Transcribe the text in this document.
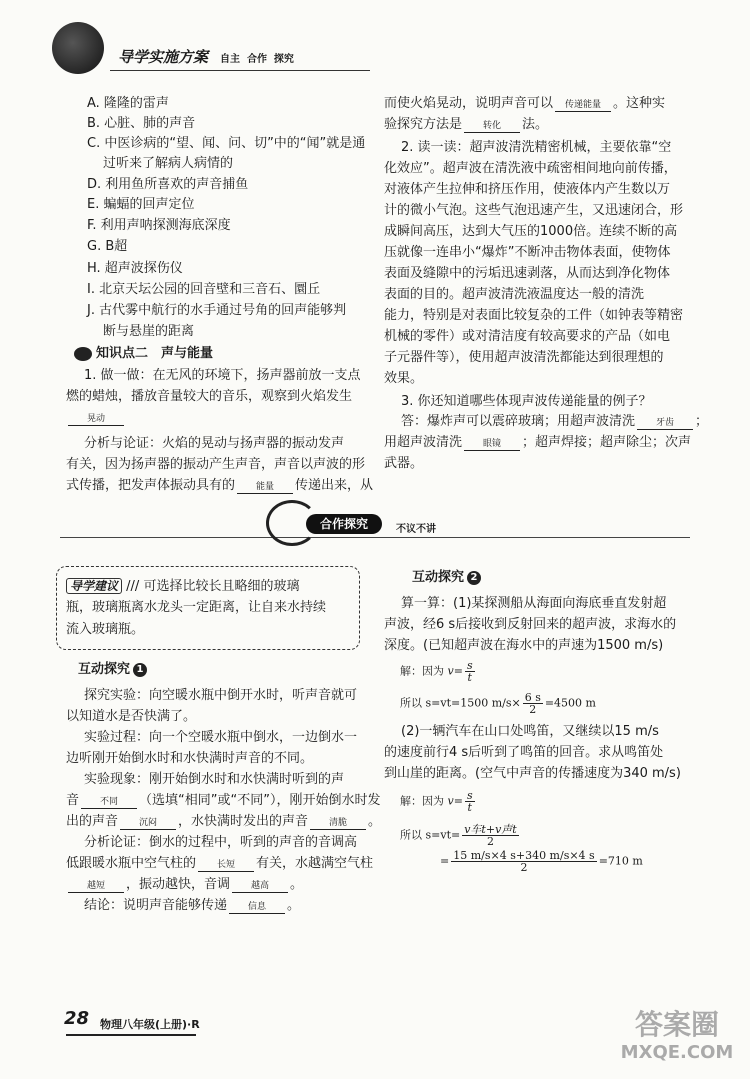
导学实施方案 自主  合作  探究
A. 隆隆的雷声
B. 心脏、肺的声音
C. 中医诊病的“望、闻、问、切”中的“闻”就是通
过听来了解病人病情的
D. 利用鱼所喜欢的声音捕鱼
E. 蝙蝠的回声定位
F. 利用声呐探测海底深度
G. B超
H. 超声波探伤仪
I. 北京天坛公园的回音壁和三音石、圜丘
J. 古代雾中航行的水手通过号角的回声能够判
断与悬崖的距离
知识点二　声与能量
1. 做一做：在无风的环境下，扬声器前放一支点
燃的蜡烛，播放音量较大的音乐，观察到火焰发生
晃动
分析与论证：火焰的晃动与扬声器的振动发声
有关，因为扬声器的振动产生声音，声音以声波的形
式传播，把发声体振动具有的 能量 传递出来，从
而使火焰晃动，说明声音可以 传递能量 。这种实
验探究方法是 转化 法。
2. 读一读：超声波清洗精密机械，主要依靠“空
化效应”。超声波在清洗液中疏密相间地向前传播，
对液体产生拉伸和挤压作用，使液体内产生数以万
计的微小气泡。这些气泡迅速产生，又迅速闭合，形
成瞬间高压，达到大气压的1000倍。连续不断的高
压就像一连串小“爆炸”不断冲击物体表面，使物体
表面及缝隙中的污垢迅速剥落，从而达到净化物体
表面的目的。超声波清洗液温度达一般的清洗
能力，特别是对表面比较复杂的工件（如钟表等精密
机械的零件）或对清洁度有较高要求的产品（如电
子元器件等），使用超声波清洗都能达到很理想的
效果。
3. 你还知道哪些体现声波传递能量的例子？
答：爆炸声可以震碎玻璃；用超声波清洗 牙齿 ；
用超声波清洗 眼镜 ；超声焊接；超声除尘；次声
武器。
合作探究	不议不讲
导学建议 /// 可选择比较长且略细的玻璃
瓶，玻璃瓶离水龙头一定距离，让自来水持续
流入玻璃瓶。
互动探究 1
探究实验：向空暖水瓶中倒开水时，听声音就可
以知道水是否快满了。
实验过程：向一个空暖水瓶中倒水，一边倒水一
边听刚开始倒水时和水快满时声音的不同。
实验现象：刚开始倒水时和水快满时听到的声
音 不同 （选填“相同”或“不同”），刚开始倒水时发
出的声音 沉闷 ，水快满时发出的声音 清脆 。
分析论证：倒水的过程中，听到的声音的音调高
低跟暖水瓶中空气柱的 长短 有关，水越满空气柱
越短 ，振动越快，音调 越高 。
结论：说明声音能够传递 信息 。
互动探究 2
算一算：(1)某探测船从海面向海底垂直发射超
声波，经6 s后接收到反射回来的超声波，求海水的
深度。(已知超声波在海水中的声速为1500 m/s)
解：因为 $v= \frac{s}{t}$
所以 s=vt=1500 $m/s\times \frac{6 s}{2} =4500$ m
(2)一辆汽车在山口处鸣笛，又继续以15 m/s
的速度前行4 s后听到了鸣笛的回音。求从鸣笛处
到山崖的距离。(空气中声音的传播速度为340 m/s)
解：因为 $v= \frac{s}{t}$
所以 $s=vt= \frac{\text{v车t+v声t}}{2}$
= $\frac{15 m/s\times 4 s+340 m/s\times 4 s}{2} =710$ m
28 物理八年级(上册)·R	答案圈
MXQE.COM
